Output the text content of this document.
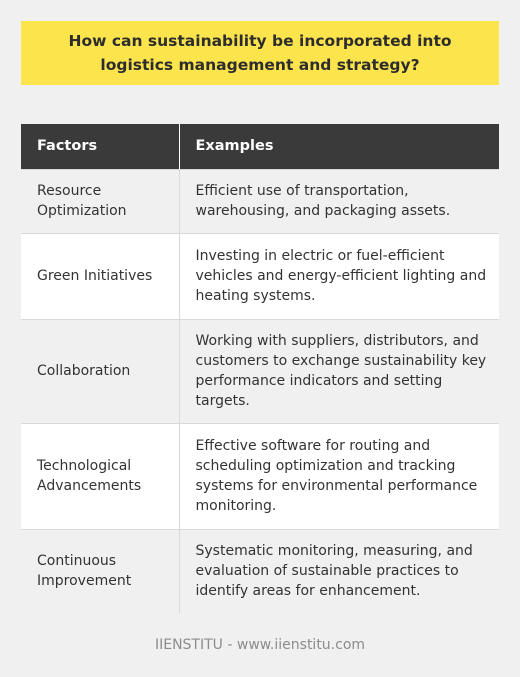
How can sustainability be incorporated into logistics management and strategy?
Factors	Examples
Resource Optimization	Efficient use of transportation, warehousing, and packaging assets.
Green Initiatives	Investing in electric or fuel-efficient vehicles and energy-efficient lighting and heating systems.
Collaboration	Working with suppliers, distributors, and customers to exchange sustainability key performance indicators and setting targets.
Technological Advancements	Effective software for routing and scheduling optimization and tracking systems for environmental performance monitoring.
Continuous Improvement	Systematic monitoring, measuring, and evaluation of sustainable practices to identify areas for enhancement.
IIENSTITU - www.iienstitu.com
